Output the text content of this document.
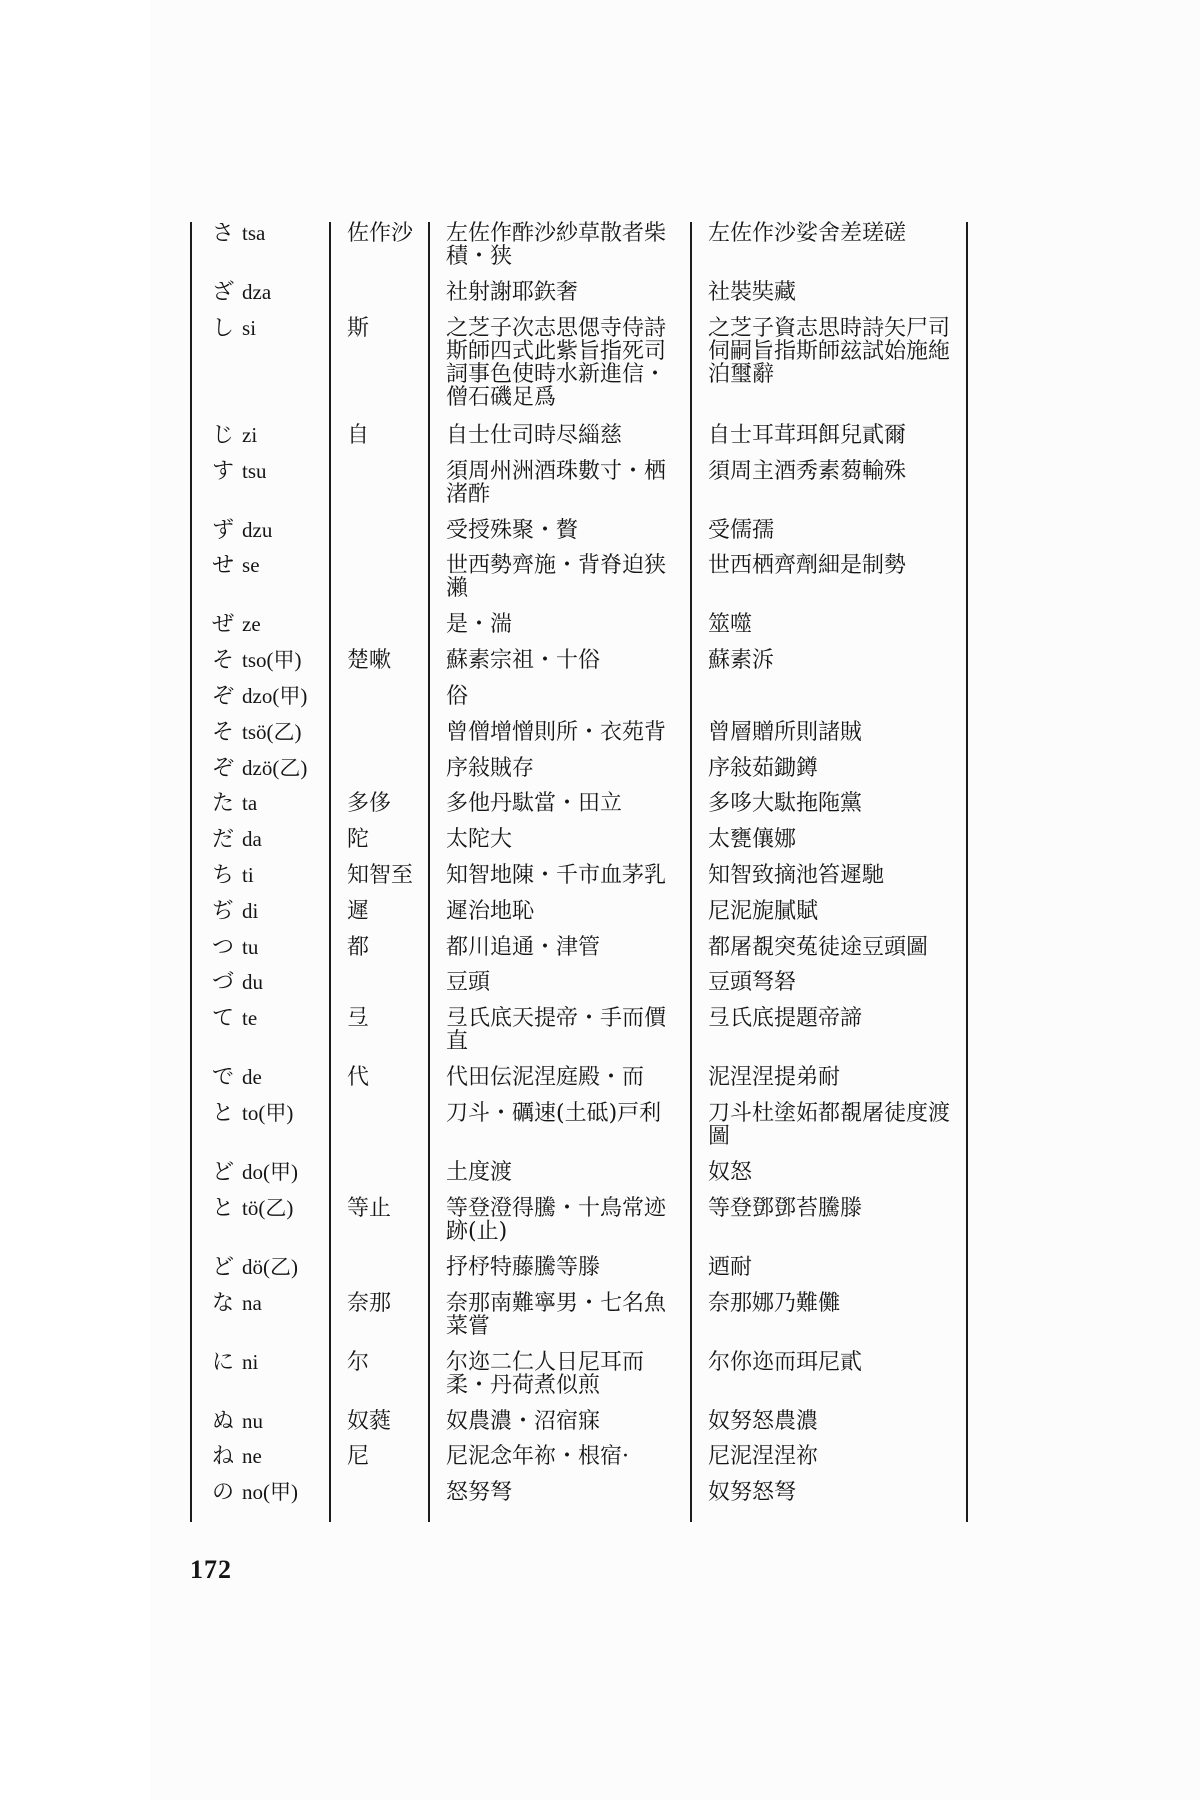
さ tsa	佐作沙	左佐作酢沙紗草散者柴積・狭	左佐作沙娑舍差瑳磋
ざ dza		社射謝耶鉃奢	社裝奘藏
し si	斯	之芝子次志思偲寺侍詩斯師四式此紫旨指死司詞事色使時水新進信・僧石磯足爲	之芝子資志思時詩矢尸司伺嗣旨指斯師玆試始施絁泊璽辭
じ zi	自	自士仕司時尽緇慈	自士耳茸珥餌兒貳爾
す tsu		須周州洲酒珠數寸・栖渚酢	須周主酒秀素蒭輸殊
ず dzu		受授殊聚・贅	受儒孺
せ se		世西勢齊施・背脊迫狭瀨	世西栖齊劑細是制勢
ぜ ze		是・湍	筮噬
そ tso(甲)	楚嗽	蘇素宗祖・十俗	蘇素泝
ぞ dzo(甲)		俗	
そ tsö(乙)		曾僧增憎則所・衣苑背	曾層贈所則諸賊
ぞ dzö(乙)		序敍賊存	序敍茹鋤鐏
た ta	多侈	多他丹駄當・田立	多哆大駄拖陁黨
だ da	陀	太陀大	太甕儴娜
ち ti	知智至	知智地陳・千市血茅乳	知智致摘池笞遲馳
ぢ di	遲	遲治地恥	尼泥旎膩賦
つ tu	都	都川追通・津管	都屠覩突菟徒途豆頭圖
づ du		豆頭	豆頭弩砮
て te	弖	弖氏底天提帝・手而價直	弖氏底提題帝諦
で de	代	代田伝泥涅庭殿・而	泥涅涅提弟耐
と to(甲)		刀斗・礪速(土砥)戸利	刀斗杜塗妬都覩屠徒度渡圖
ど do(甲)		土度渡	奴怒
と tö(乙)	等止	等登澄得騰・十鳥常迹跡(止)	等登鄧鄧苔騰滕
ど dö(乙)		抒杼特藤騰等滕	迺耐
な na	奈那	奈那南難寧男・七名魚菜嘗	奈那娜乃難儺
に ni	尔	尔迩二仁人日尼耳而柔・丹荷煮似煎	尔你迩而珥尼貳
ぬ nu	奴蕤	奴農濃・沼宿寐	奴努怒農濃
ね ne	尼	尼泥念年祢・根宿·	尼泥涅涅祢
の no(甲)		怒努弩	奴努怒弩
172
